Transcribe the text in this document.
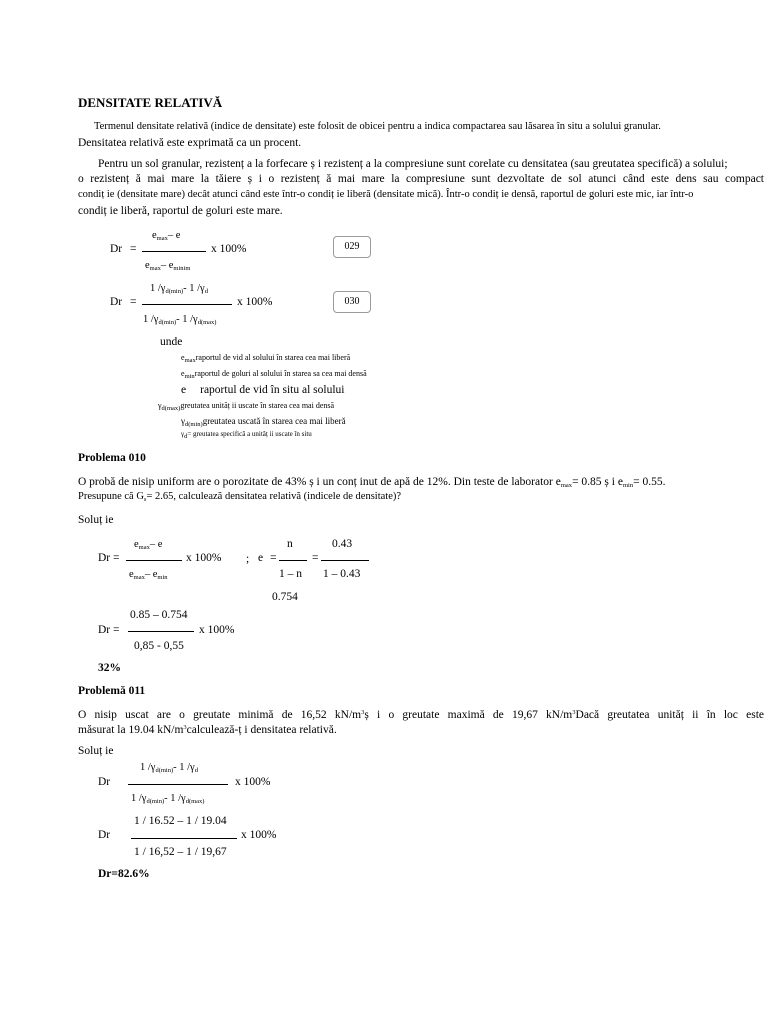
DENSITATE RELATIVĂ
Termenul densitate relativă (indice de densitate) este folosit de obicei pentru a indica compactarea sau lăsarea în situ a solului granular.
Densitatea relativă este exprimată ca un procent.
Pentru un sol granular, rezistenț a la forfecare ș i rezistenț a la compresiune sunt corelate cu densitatea (sau greutatea specifică) a solului;
o rezistenț ă mai mare la tăiere ș i o rezistenț ă mai mare la compresiune sunt dezvoltate de sol atunci când este dens sau compact
condiț ie (densitate mare) decât atunci când este într-o condiț ie liberă (densitate mică). Într-o condiț ie densă, raportul de goluri este mic, iar într-o
condiț ie liberă, raportul de goluri este mare.
Dr =
$e_{max}-$ e
$e_{max}-$ $e_{minim}$
x 100%	029
Dr =
1 $/\gamma_{d(min)}-$ 1 $/\gamma_d$
1 $/\gamma_{d(min)}-$ 1 $/\gamma_{d(max)}$
x 100%	030
unde
$e_{max}raportul$ de vid al solului în starea cea mai liberă
$e_{min}raportul$ de goluri al solului în starea sa cea mai densă
e raportul de vid în situ al solului
$\gamma_{d(max)}greutatea$ unităț ii uscate în starea cea mai densă
$\gamma_{d(min)}greutatea$ uscată în starea cea mai liberă
$\gamma_d=$ greutatea specifică a unităț ii uscate în situ
Problema 010
O probă de nisip uniform are o porozitate de 43% ș i un conț inut de apă de 12%. Din teste de laborator $e_{max}= 0.85$ ș i $e_{min}= 0.55$.
Presupune că $G_s= 2.65$, calculează densitatea relativă (indicele de densitate)?
Soluț ie
Dr =
$e_{max}-$ e
$e_{max}-$ $e_{min}$
x 100% ; e =
n
1 – n
=
0.43
1 – 0.43
0.754
0.85 – 0.754
Dr =
0,85 - 0,55
x 100%
32%
Problemă 011
O nisip uscat are o greutate minimă de 16,52 $kN/m^3ș$ i o greutate maximă de 19,67 $kN/m^3Dacă$ greutatea unităț ii în loc este
măsurat la 19.04 $kN/m^3calculează-ț$ i densitatea relativă.
Soluț ie
Dr
1 $/\gamma_{d(min)}-$ 1 $/\gamma_d$
1 $/\gamma_{d(min)}-$ 1 $/\gamma_{d(max)}$
x 100%
1 / 16.52 – 1 / 19.04
Dr
1 / 16,52 – 1 / 19,67
x 100%
Dr=82.6%
